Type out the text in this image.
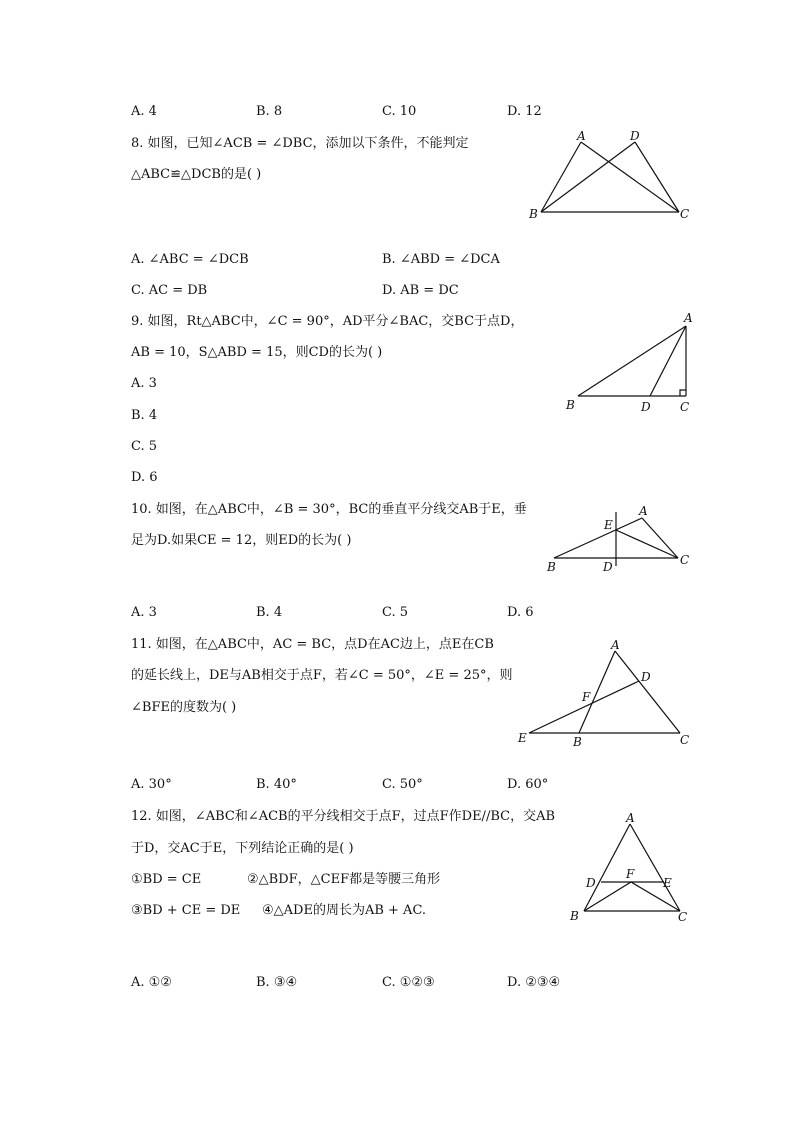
A. 4	B. 8	C. 10	D. 12
8. 如图，已知∠ACB = ∠DBC，添加以下条件，不能判定
△ABC≌△DCB的是( )
A	D
B	C
A. ∠ABC = ∠DCB	B. ∠ABD = ∠DCA
C. AC = DB	D. AB = DC
9. 如图，Rt△ABC中，∠C = 90°，AD平分∠BAC，交BC于点D，
AB = 10，S△ABD = 15，则CD的长为( )
A. 3
B. 4
C. 5
D. 6
A
B	D C
10. 如图，在△ABC中，∠B = 30°，BC的垂直平分线交AB于E，垂
足为D.如果CE = 12，则ED的长为( )
E
A
B	D	C
A. 3	B. 4	C. 5	D. 6
11. 如图，在△ABC中，AC = BC，点D在AC边上，点E在CB
的延长线上，DE与AB相交于点F，若∠C = 50°，∠E = 25°，则
∠BFE的度数为( )
A
D
F
E	B	C
A. 30°	B. 40°	C. 50°	D. 60°
12. 如图，∠ABC和∠ACB的平分线相交于点F，过点F作DE//BC，交AB
于D，交AC于E，下列结论正确的是( )
①BD = CE	②△BDF，△CEF都是等腰三角形
③BD + CE = DE ④△ADE的周长为AB + AC.
A
D
F
E
B	C
A. ①②	B. ③④	C. ①②③	D. ②③④
